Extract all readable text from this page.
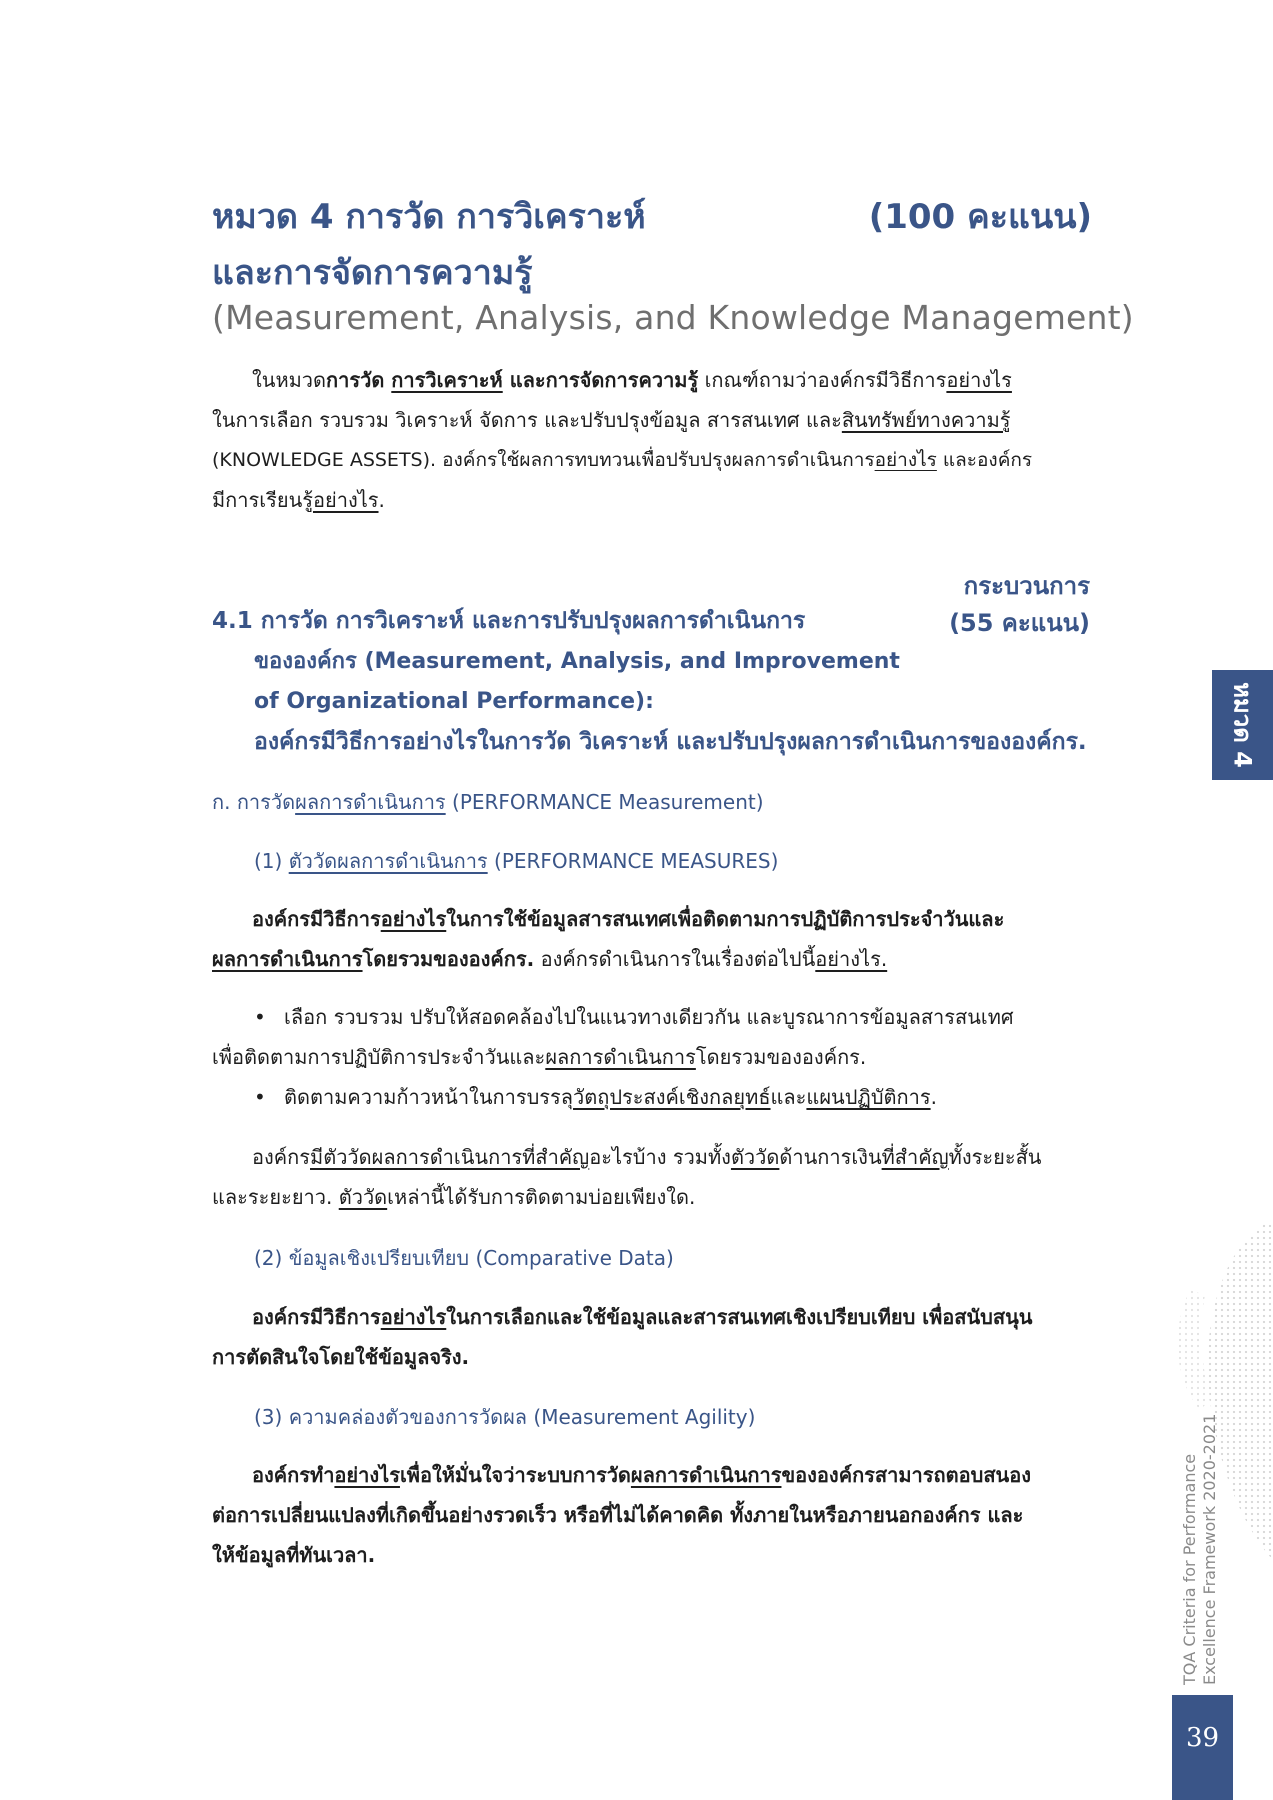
หมวด 4 การวัด การวิเคราะห์	(100 คะแนน)
และการจัดการความรู้
(Measurement, Analysis, and Knowledge Management)

ในหมวดการวัด การวิเคราะห์ และการจัดการความรู้ เกณฑ์ถามว่าองค์กรมีวิธีการอย่างไร

ในการเลือก รวบรวม วิเคราะห์ จัดการ และปรับปรุงข้อมูล สารสนเทศ และสินทรัพย์ทางความรู้

(KNOWLEDGE ASSETS). องค์กรใช้ผลการทบทวนเพื่อปรับปรุงผลการดำเนินการอย่างไร และองค์กร

มีการเรียนรู้อย่างไร.

กระบวนการ
(55 คะแนน)
4.1 การวัด การวิเคราะห์ และการปรับปรุงผลการดำเนินการ
ขององค์กร (Measurement, Analysis, and Improvement
of Organizational Performance):
องค์กรมีวิธีการอย่างไรในการวัด วิเคราะห์ และปรับปรุงผลการดำเนินการขององค์กร.
ก. การวัดผลการดำเนินการ (PERFORMANCE Measurement)
(1) ตัววัดผลการดำเนินการ (PERFORMANCE MEASURES)

องค์กรมีวิธีการอย่างไรในการใช้ข้อมูลสารสนเทศเพื่อติดตามการปฏิบัติการประจำวันและ

ผลการดำเนินการโดยรวมขององค์กร. องค์กรดำเนินการในเรื่องต่อไปนี้อย่างไร.

• เลือก รวบรวม ปรับให้สอดคล้องไปในแนวทางเดียวกัน และบูรณาการข้อมูลสารสนเทศ

เพื่อติดตามการปฏิบัติการประจำวันและผลการดำเนินการโดยรวมขององค์กร.

• ติดตามความก้าวหน้าในการบรรลุวัตถุประสงค์เชิงกลยุทธ์และแผนปฏิบัติการ.

องค์กรมีตัววัดผลการดำเนินการที่สำคัญอะไรบ้าง รวมทั้งตัววัดด้านการเงินที่สำคัญทั้งระยะสั้น

และระยะยาว. ตัววัดเหล่านี้ได้รับการติดตามบ่อยเพียงใด.

(2) ข้อมูลเชิงเปรียบเทียบ (Comparative Data)

องค์กรมีวิธีการอย่างไรในการเลือกและใช้ข้อมูลและสารสนเทศเชิงเปรียบเทียบ เพื่อสนับสนุน

การตัดสินใจโดยใช้ข้อมูลจริง.

(3) ความคล่องตัวของการวัดผล (Measurement Agility)

องค์กรทำอย่างไรเพื่อให้มั่นใจว่าระบบการวัดผลการดำเนินการขององค์กรสามารถตอบสนอง

ต่อการเปลี่ยนแปลงที่เกิดขึ้นอย่างรวดเร็ว หรือที่ไม่ได้คาดคิด ทั้งภายในหรือภายนอกองค์กร และ

ให้ข้อมูลที่ทันเวลา.

หมวด 4
TQA Criteria for Performance Excellence Framework 2020-2021
39
